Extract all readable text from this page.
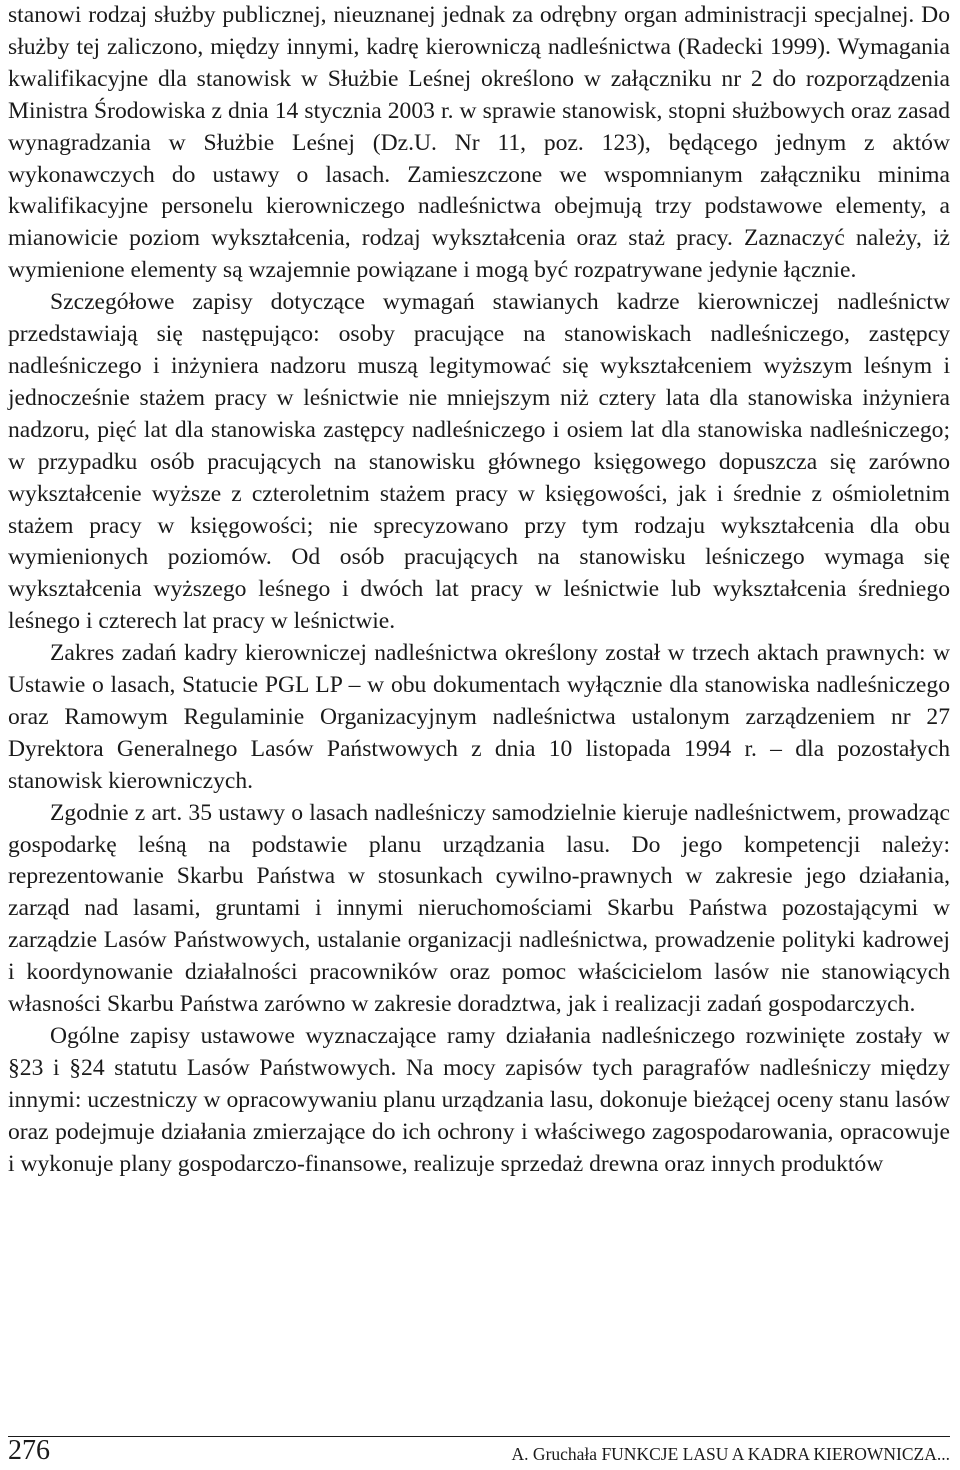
stanowi rodzaj służby publicznej, nieuznanej jednak za odrębny organ administracji specjalnej. Do służby tej zaliczono, między innymi, kadrę kierowniczą nadleśnictwa (Radecki 1999). Wymagania kwalifikacyjne dla stanowisk w Służbie Leśnej określono w załączniku nr 2 do rozporządzenia Ministra Środowiska z dnia 14 stycznia 2003 r. w sprawie stanowisk, stopni służbowych oraz zasad wynagradzania w Służbie Leśnej (Dz.U. Nr 11, poz. 123), będącego jednym z aktów wykonawczych do ustawy o lasach. Zamieszczone we wspomnianym załączniku minima kwalifikacyjne personelu kierowniczego nadleśnictwa obejmują trzy podstawowe elementy, a mianowicie poziom wykształcenia, rodzaj wykształcenia oraz staż pracy. Zaznaczyć należy, iż wymienione elementy są wzajemnie powiązane i mogą być rozpatrywane jedynie łącznie.

Szczegółowe zapisy dotyczące wymagań stawianych kadrze kierowniczej nadleśnictw przedstawiają się następująco: osoby pracujące na stanowiskach nadleśniczego, zastępcy nadleśniczego i inżyniera nadzoru muszą legitymować się wykształceniem wyższym leśnym i jednocześnie stażem pracy w leśnictwie nie mniejszym niż cztery lata dla stanowiska inżyniera nadzoru, pięć lat dla stanowiska zastępcy nadleśniczego i osiem lat dla stanowiska nadleśniczego; w przypadku osób pracujących na stanowisku głównego księgowego dopuszcza się zarówno wykształcenie wyższe z czteroletnim stażem pracy w księgowości, jak i średnie z ośmioletnim stażem pracy w księgowości; nie sprecyzowano przy tym rodzaju wykształcenia dla obu wymienionych poziomów. Od osób pracujących na stanowisku leśniczego wymaga się wykształcenia wyższego leśnego i dwóch lat pracy w leśnictwie lub wykształcenia średniego leśnego i czterech lat pracy w leśnictwie.

Zakres zadań kadry kierowniczej nadleśnictwa określony został w trzech aktach prawnych: w Ustawie o lasach, Statucie PGL LP – w obu dokumentach wyłącznie dla stanowiska nadleśniczego oraz Ramowym Regulaminie Organizacyjnym nadleśnictwa ustalonym zarządzeniem nr 27 Dyrektora Generalnego Lasów Państwowych z dnia 10 listopada 1994 r. – dla pozostałych stanowisk kierowniczych.

Zgodnie z art. 35 ustawy o lasach nadleśniczy samodzielnie kieruje nadleśnictwem, prowadząc gospodarkę leśną na podstawie planu urządzania lasu. Do jego kompetencji należy: reprezentowanie Skarbu Państwa w stosunkach cywilno-prawnych w zakresie jego działania, zarząd nad lasami, gruntami i innymi nieruchomościami Skarbu Państwa pozostającymi w zarządzie Lasów Państwowych, ustalanie organizacji nadleśnictwa, prowadzenie polityki kadrowej i koordynowanie działalności pracowników oraz pomoc właścicielom lasów nie stanowiących własności Skarbu Państwa zarówno w zakresie doradztwa, jak i realizacji zadań gospodarczych.

Ogólne zapisy ustawowe wyznaczające ramy działania nadleśniczego rozwinięte zostały w §23 i §24 statutu Lasów Państwowych. Na mocy zapisów tych paragrafów nadleśniczy między innymi: uczestniczy w opracowywaniu planu urządzania lasu, dokonuje bieżącej oceny stanu lasów oraz podejmuje działania zmierzające do ich ochrony i właściwego zagospodarowania, opracowuje i wykonuje plany gospodarczo-finansowe, realizuje sprzedaż drewna oraz innych produktów

276	A. Gruchała FUNKCJE LASU A KADRA KIEROWNICZA...
